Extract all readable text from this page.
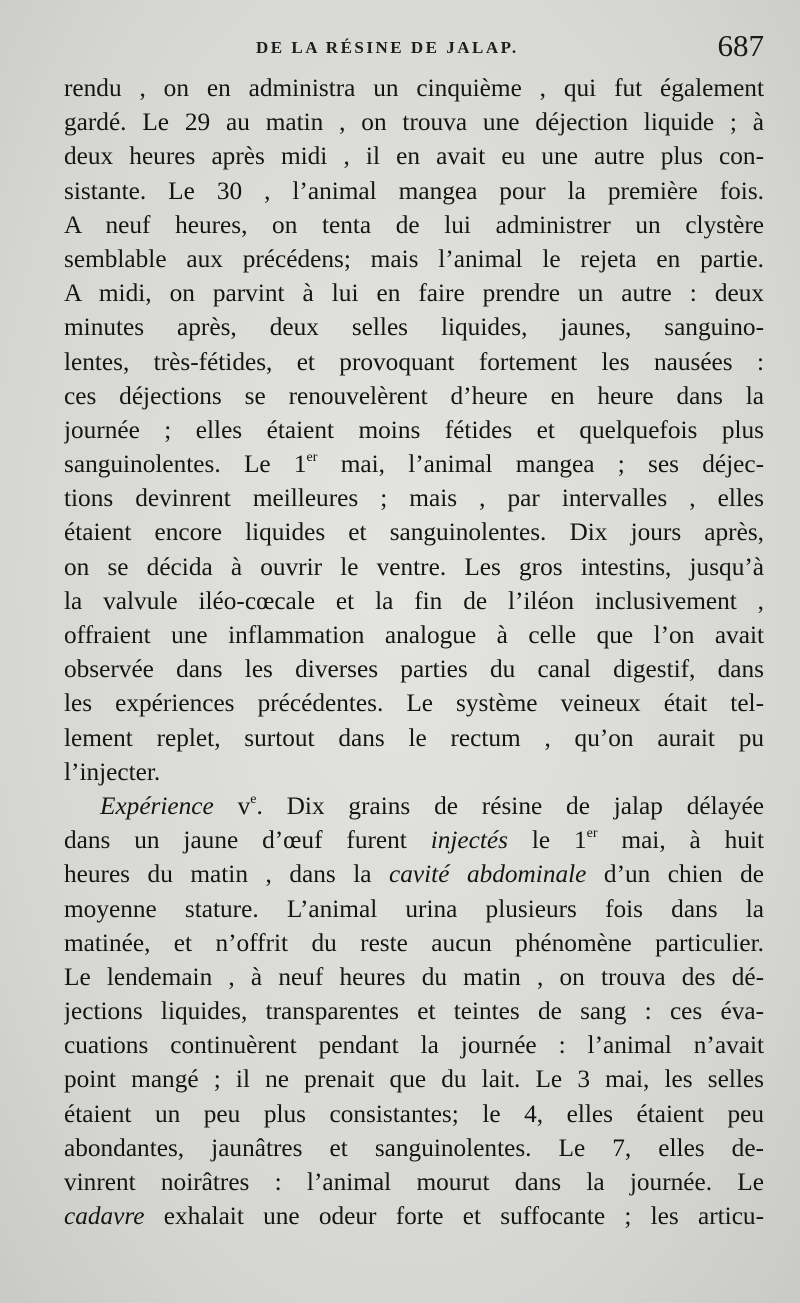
DE LA RÉSINE DE JALAP.	687
rendu , on en administra un cinquième , qui fut également
gardé. Le 29 au matin , on trouva une déjection liquide ; à
deux heures après midi , il en avait eu une autre plus con-
sistante. Le 30 , l’animal mangea pour la première fois.
A neuf heures, on tenta de lui administrer un clystère
semblable aux précédens; mais l’animal le rejeta en partie.
A midi, on parvint à lui en faire prendre un autre : deux
minutes après, deux selles liquides, jaunes, sanguino-
lentes, très-fétides, et provoquant fortement les nausées :
ces déjections se renouvelèrent d’heure en heure dans la
journée ; elles étaient moins fétides et quelquefois plus
sanguinolentes. Le 1er mai, l’animal mangea ; ses déjec-
tions devinrent meilleures ; mais , par intervalles , elles
étaient encore liquides et sanguinolentes. Dix jours après,
on se décida à ouvrir le ventre. Les gros intestins, jusqu’à
la valvule iléo-cœcale et la fin de l’iléon inclusivement ,
offraient une inflammation analogue à celle que l’on avait
observée dans les diverses parties du canal digestif, dans
les expériences précédentes. Le système veineux était tel-
lement replet, surtout dans le rectum , qu’on aurait pu
l’injecter.
Expérience $v^e$. Dix grains de résine de jalap délayée
dans un jaune d’œuf furent injectés le 1er mai, à huit
heures du matin , dans la cavité abdominale d’un chien de
moyenne stature. L’animal urina plusieurs fois dans la
matinée, et n’offrit du reste aucun phénomène particulier.
Le lendemain , à neuf heures du matin , on trouva des dé-
jections liquides, transparentes et teintes de sang : ces éva-
cuations continuèrent pendant la journée : l’animal n’avait
point mangé ; il ne prenait que du lait. Le 3 mai, les selles
étaient un peu plus consistantes; le 4, elles étaient peu
abondantes, jaunâtres et sanguinolentes. Le 7, elles de-
vinrent noirâtres : l’animal mourut dans la journée. Le
cadavre exhalait une odeur forte et suffocante ; les articu-
